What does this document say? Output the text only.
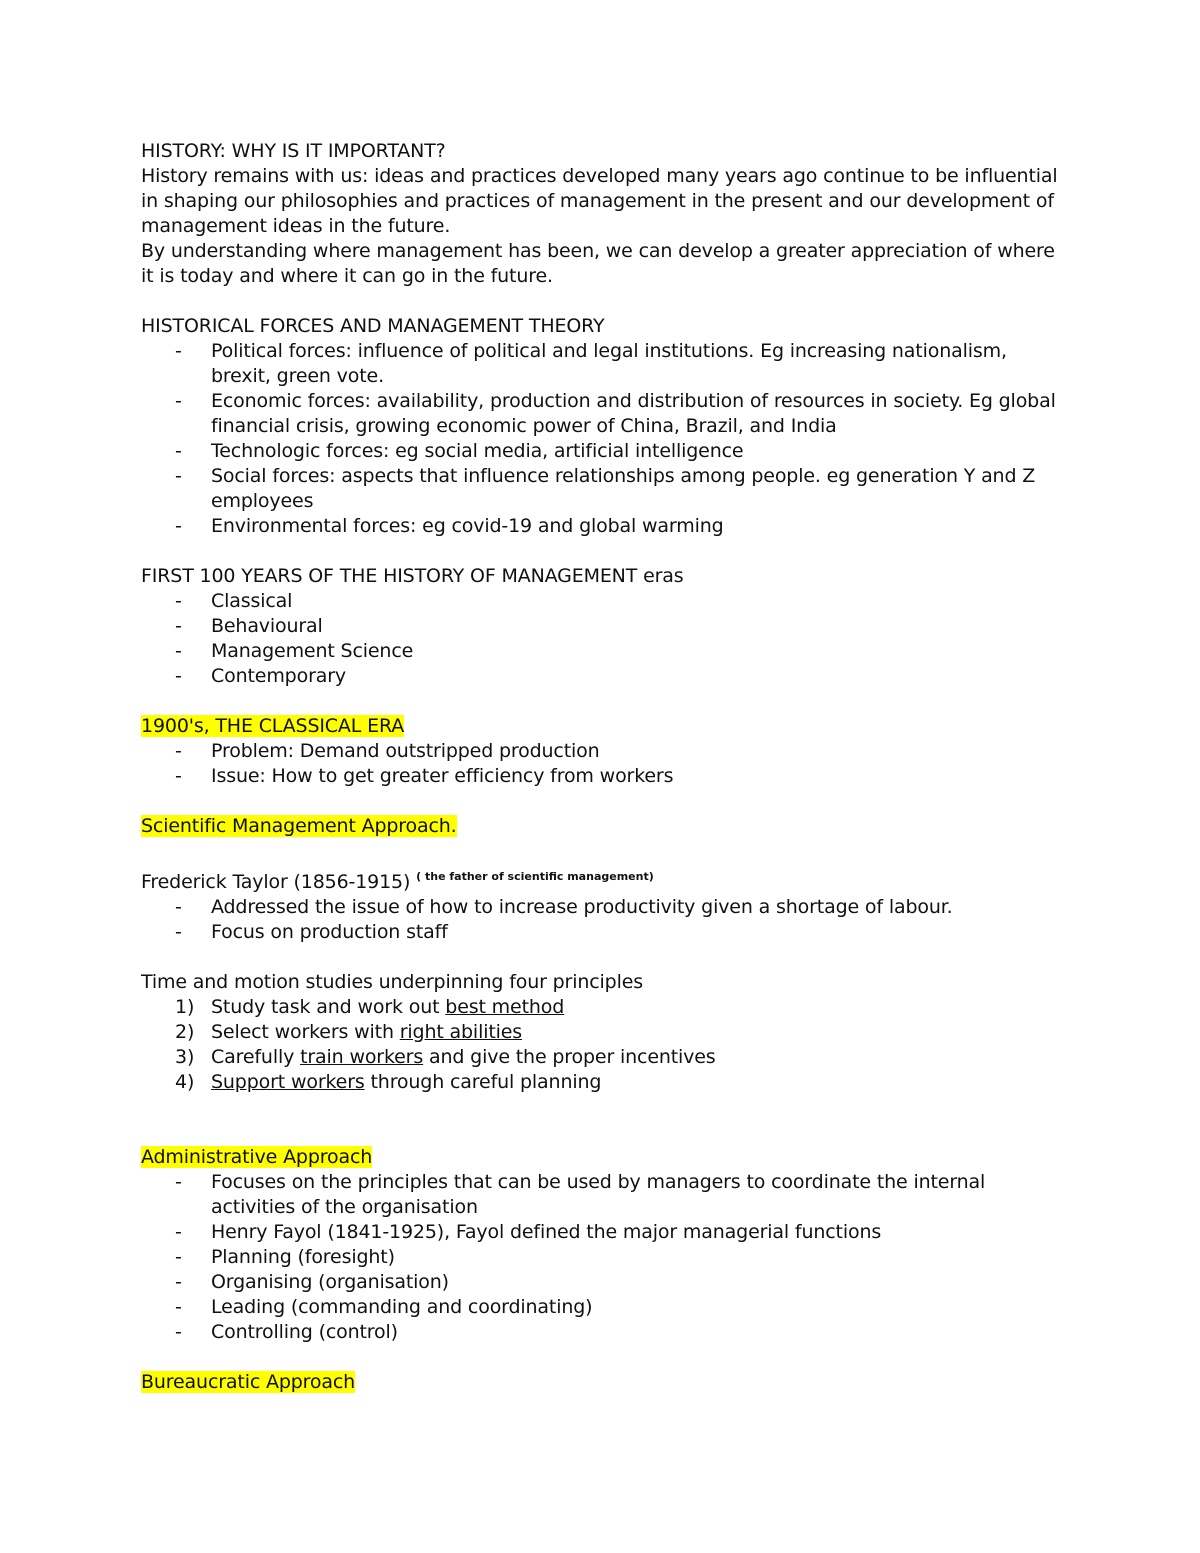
HISTORY: WHY IS IT IMPORTANT?

History remains with us: ideas and practices developed many years ago continue to be influential in shaping our philosophies and practices of management in the present and our development of management ideas in the future.

By understanding where management has been, we can develop a greater appreciation of where it is today and where it can go in the future.

HISTORICAL FORCES AND MANAGEMENT THEORY

- Political forces: influence of political and legal institutions. Eg increasing nationalism, brexit, green vote.
- Economic forces: availability, production and distribution of resources in society. Eg global financial crisis, growing economic power of China, Brazil, and India
- Technologic forces: eg social media, artificial intelligence
- Social forces: aspects that influence relationships among people. eg generation Y and Z employees
- Environmental forces: eg covid-19 and global warming

FIRST 100 YEARS OF THE HISTORY OF MANAGEMENT eras

- Classical
- Behavioural
- Management Science
- Contemporary

1900's, THE CLASSICAL ERA

- Problem: Demand outstripped production
- Issue: How to get greater efficiency from workers

Scientific Management Approach.

Frederick Taylor (1856-1915) $^{( the father of scientific management)}$

- Addressed the issue of how to increase productivity given a shortage of labour.
- Focus on production staff

Time and motion studies underpinning four principles

1) Study task and work out best method
2) Select workers with right abilities
3) Carefully train workers and give the proper incentives
4) Support workers through careful planning

Administrative Approach

- Focuses on the principles that can be used by managers to coordinate the internal activities of the organisation
- Henry Fayol (1841-1925), Fayol defined the major managerial functions
- Planning (foresight)
- Organising (organisation)
- Leading (commanding and coordinating)
- Controlling (control)

Bureaucratic Approach
